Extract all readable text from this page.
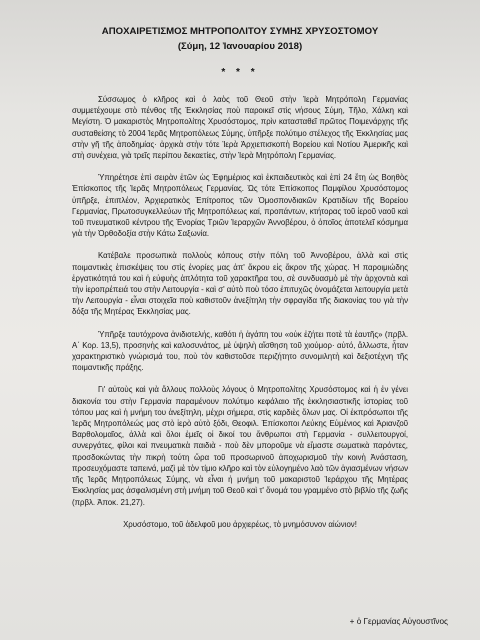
ΑΠΟΧΑΙΡΕΤΙΣΜΟΣ ΜΗΤΡΟΠΟΛΙΤΟΥ ΣΥΜΗΣ ΧΡΥΣΟΣΤΟΜΟΥ

(Σύμη, 12 Ἰανουαρίου 2018)

* * *

Σύσσωμος ὁ κλῆρος καὶ ὁ λαὸς τοῦ Θεοῦ στὴν Ἱερὰ Μητρόπολη Γερμανίας συμμετέχουμε στὸ πένθος τῆς Ἐκκλησίας ποὺ παροικεῖ στὶς νήσους Σύμη, Τῆλο, Χάλκη καὶ Μεγίστη. Ὁ μακαριστὸς Μητροπολίτης Χρυσόστομος, πρὶν κατασταθεῖ πρῶτος Ποιμενάρχης τῆς συσταθείσης τὸ 2004 Ἱερᾶς Μητροπόλεως Σύμης, ὑπῆρξε πολύτιμο στέλεχος τῆς Ἐκκλησίας μας στὴν γῆ τῆς ἀποδημίας· ἀρχικὰ στὴν τότε Ἱερὰ Ἀρχιεπισκοπὴ Βορείου καὶ Νοτίου Ἀμερικῆς καὶ στὴ συνέχεια, γιὰ τρεῖς περίπου δεκαετίες, στὴν Ἱερὰ Μητρόπολη Γερμανίας.

Ὑπηρέτησε ἐπὶ σειρὰν ἐτῶν ὡς Ἐφημέριος καὶ ἐκπαιδευτικὸς καὶ ἐπὶ 24 ἔτη ὡς Βοηθὸς Ἐπίσκοπος τῆς Ἱερᾶς Μητροπόλεως Γερμανίας. Ὡς τότε Ἐπίσκοπος Παμφίλου Χρυσόστομος ὑπῆρξε, ἐπιπλέον, Ἀρχιερατικὸς Ἐπίτροπος τῶν Ὁμοσπονδιακῶν Κρατιδίων τῆς Βορείου Γερμανίας, Πρωτοσυγκελλεύων τῆς Μητροπόλεως καί, προπάντων, κτήτορας τοῦ ἱεροῦ ναοῦ καὶ τοῦ πνευματικοῦ κέντρου τῆς Ἐνορίας Τριῶν Ἱεραρχῶν Ἀννοβέρου, ὁ ὁποῖος ἀποτελεῖ κόσμημα γιὰ τὴν Ὀρθοδοξία στὴν Κάτω Σαξωνία.

Κατέβαλε προσωπικὰ πολλοὺς κόπους στὴν πόλη τοῦ Ἀννοβέρου, ἀλλὰ καὶ στὶς ποιμαντικὲς ἐπισκέψεις του στὶς ἐνορίες μας ἀπ' ἄκρου εἰς ἄκρον τῆς χώρας. Ἡ παροιμιώδης ἐργατικότητά του καὶ ἡ εὐφυὴς ἁπλότητα τοῦ χαρακτῆρα του, σὲ συνδυασμὸ μὲ τὴν ἀρχοντιὰ καὶ τὴν ἱεροπρέπειά του στὴν Λειτουργία - καὶ σ' αὐτὸ ποὺ τόσο ἐπιτυχῶς ὀνομάζεται λειτουργία μετὰ τὴν Λειτουργία - εἶναι στοιχεῖα ποὺ καθιστοῦν ἀνεξίτηλη τὴν σφραγίδα τῆς διακονίας του γιὰ τὴν δόξα τῆς Μητέρας Ἐκκλησίας μας.

Ὑπῆρξε ταυτόχρονα ἀνιδιοτελής, καθότι ἡ ἀγάπη του «οὐκ ἐζήτει ποτὲ τὰ ἑαυτῆς» (πρβλ. Α΄ Κορ. 13,5), προσηνὴς καὶ καλοσυνάτος, μὲ ὑψηλὴ αἴσθηση τοῦ χιούμορ· αὐτό, ἄλλωστε, ἦταν χαρακτηριστικὸ γνώρισμά του, ποὺ τὸν καθιστοῦσε περιζήτητο συνομιλητὴ καὶ δεξιοτέχνη τῆς ποιμαντικῆς πράξης.

Γι' αὐτοὺς καὶ γιὰ ἄλλους πολλοὺς λόγους ὁ Μητροπολίτης Χρυσόστομος καὶ ἡ ἐν γένει διακονία του στὴν Γερμανία παραμένουν πολύτιμο κεφάλαιο τῆς ἐκκλησιαστικῆς ἱστορίας τοῦ τόπου μας καὶ ἡ μνήμη του ἀνεξίτηλη, μέχρι σήμερα, στὶς καρδιὲς ὅλων μας. Οἱ ἐκπρόσωποι τῆς Ἱερᾶς Μητροπόλεώς μας στὸ ἱερὸ αὐτὸ ξόδι, Θεοφιλ. Ἐπίσκοποι Λεύκης Εὐμένιος καὶ Ἀριανζοῦ Βαρθολομαῖος, ἀλλὰ καὶ ὅλοι ἐμεῖς οἱ δικοί του ἄνθρωποι στὴ Γερμανία - συλλειτουργοί, συνεργάτες, φίλοι καὶ πνευματικὰ παιδιὰ - ποὺ δὲν μποροῦμε νὰ εἴμαστε σωματικὰ παρόντες, προσδοκώντας τὴν πικρὴ τούτη ὥρα τοῦ προσωρινοῦ ἀποχωρισμοῦ τὴν κοινὴ Ἀνάσταση, προσευχόμαστε ταπεινά, μαζὶ μὲ τὸν τίμιο κλῆρο καὶ τὸν εὐλογημένο λαὸ τῶν ἁγιασμένων νήσων τῆς Ἱερᾶς Μητροπόλεως Σύμης, νὰ εἶναι ἡ μνήμη τοῦ μακαριστοῦ Ἱεράρχου τῆς Μητέρας Ἐκκλησίας μας ἀσφαλισμένη στὴ μνήμη τοῦ Θεοῦ καὶ τ' ὄνομά του γραμμένο στὸ βιβλίο τῆς ζωῆς (πρβλ. Ἀποκ. 21,27).

Χρυσόστομο, τοῦ ἀδελφοῦ μου ἀρχιερέως, τὸ μνημόσυνον αἰώνιον!

+ ὁ Γερμανίας Αὐγουστῖνος
